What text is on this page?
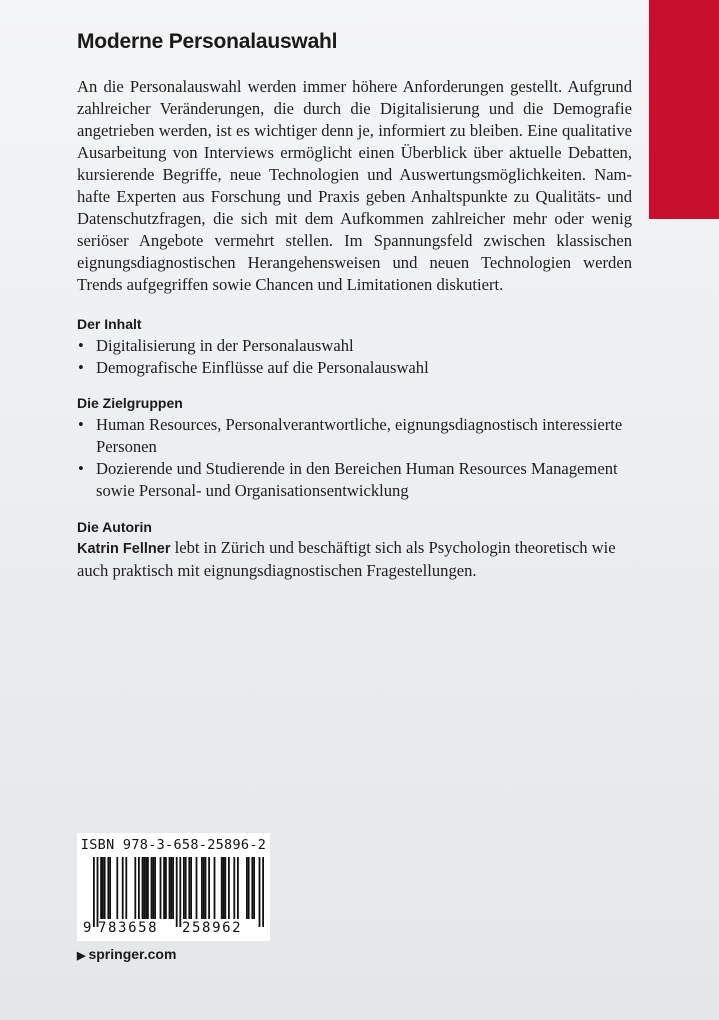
Moderne Personalauswahl

An die Personalauswahl werden immer höhere Anforderungen gestellt. Aufgrund zahlreicher Veränderungen, die durch die Digitalisierung und die Demografie angetrieben werden, ist es wichtiger denn je, informiert zu bleiben. Eine qualitative Ausarbeitung von Interviews ermöglicht einen Überblick über aktuelle Debatten, kursierende Begriffe, neue Technologien und Auswertungsmöglichkeiten. Namhafte Experten aus Forschung und Praxis geben Anhaltspunkte zu Qualitäts- und Datenschutzfragen, die sich mit dem Aufkommen zahlreicher mehr oder wenig seriöser Angebote vermehrt stellen. Im Spannungsfeld zwischen klassischen eignungsdiagnostischen Herangehensweisen und neuen Technologien werden Trends aufgegriffen sowie Chancen und Limitationen diskutiert.

Der Inhalt
• Digitalisierung in der Personalauswahl
• Demografische Einflüsse auf die Personalauswahl
Die Zielgruppen
• Human Resources, Personalverantwortliche, eignungsdiagnostisch interessierte Personen
• Dozierende und Studierende in den Bereichen Human Resources Management sowie Personal- und Organisationsentwicklung
Die Autorin

Katrin Fellner lebt in Zürich und beschäftigt sich als Psychologin theoretisch wie auch praktisch mit eignungsdiagnostischen Fragestellungen.

ISBN 978-3-658-25896-2
9 783658 258962
▶ springer.com
